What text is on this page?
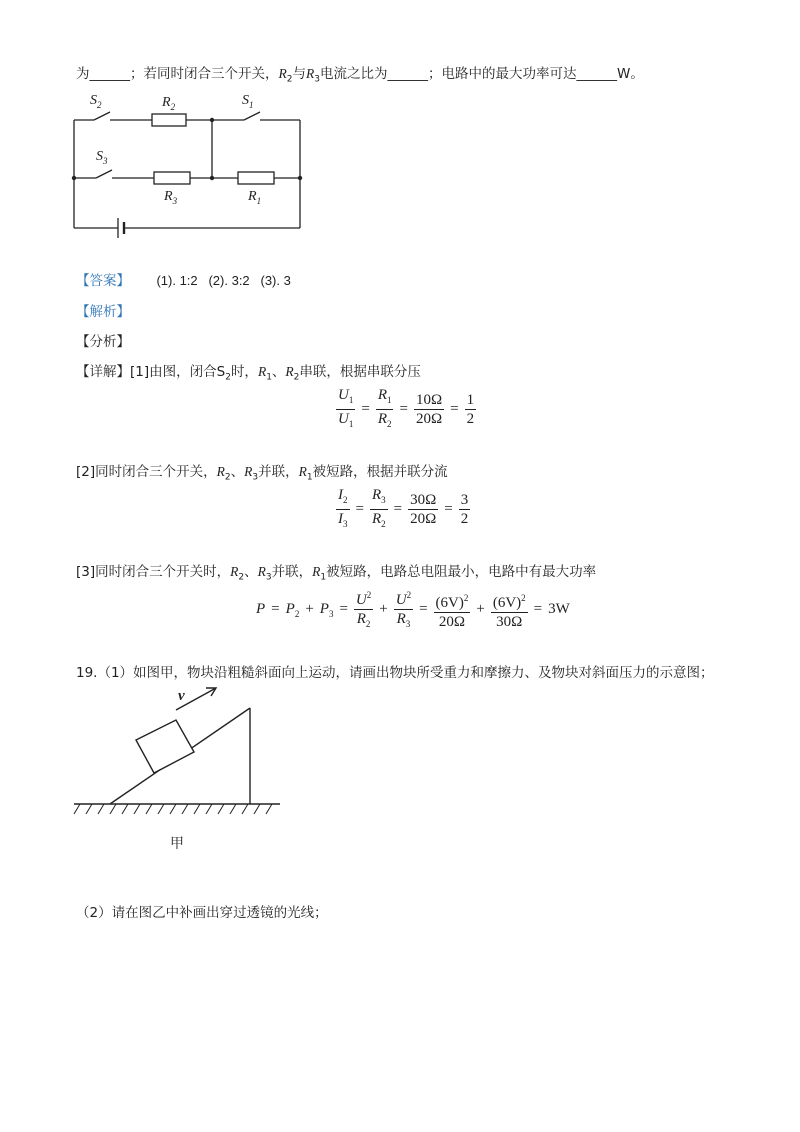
为______；若同时闭合三个开关，$R_2$与$R_3$电流之比为______；电路中的最大功率可达______W。
$S_2$	$R_2$	$S_1$
$S_3$
$R_3$	$R_1$
【答案】 (1). 1:2   (2). 3:2   (3). 3
【解析】
【分析】
【详解】[1]由图，闭合$S_2$时，$R_1$、$R_2$串联，根据串联分压
$\frac{U_1}{U_1} = \frac{R_1}{R_2} = \frac{10\Omega}{20\Omega} = \frac{1}{2}$
[2]同时闭合三个开关，$R_2$、$R_3$并联，$R_1$被短路，根据并联分流
$\frac{I_2}{I_3} = \frac{R_3}{R_2} = \frac{30\Omega}{20\Omega} = \frac{3}{2}$
[3]同时闭合三个开关时，$R_2$、$R_3$并联，$R_1$被短路，电路总电阻最小，电路中有最大功率
$P = P_2 + P_3 = \frac{U^2}{R_2} + \frac{U^2}{R_3} = \frac{(6V)^2}{20\Omega} + \frac{(6V)^2}{30\Omega} = 3W$
19.（1）如图甲，物块沿粗糙斜面向上运动，请画出物块所受重力和摩擦力、及物块对斜面压力的示意图；
v
甲
（2）请在图乙中补画出穿过透镜的光线；
